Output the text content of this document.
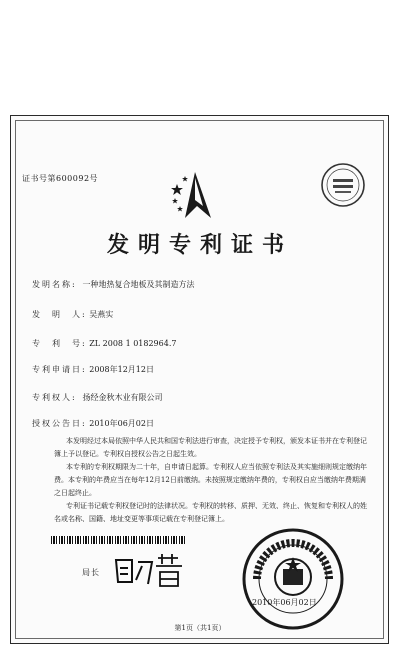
证书号第600092号
发明专利证书
发明名称: 一种地热复合地板及其制造方法
发　明　人: 吴燕实
专　利　号: ZL 2008 1 0182964.7
专利申请日: 2008年12月12日
专利权人: 扬经金秋木业有限公司
授权公告日: 2010年06月02日

本发明经过本局依照中华人民共和国专利法进行审查，决定授予专利权，颁发本证书并在专利登记簿上予以登记。专利权自授权公告之日起生效。

本专利的专利权期限为二十年，自申请日起算。专利权人应当依照专利法及其实施细则规定缴纳年费。本专利的年费应当在每年12月12日前缴纳。未按照规定缴纳年费的，专利权自应当缴纳年费期满之日起终止。

专利证书记载专利权登记时的法律状况。专利权的转移、质押、无效、终止、恢复和专利权人的姓名或名称、国籍、地址变更等事项记载在专利登记簿上。

局长
2010年06月02日
第1页（共1页）
